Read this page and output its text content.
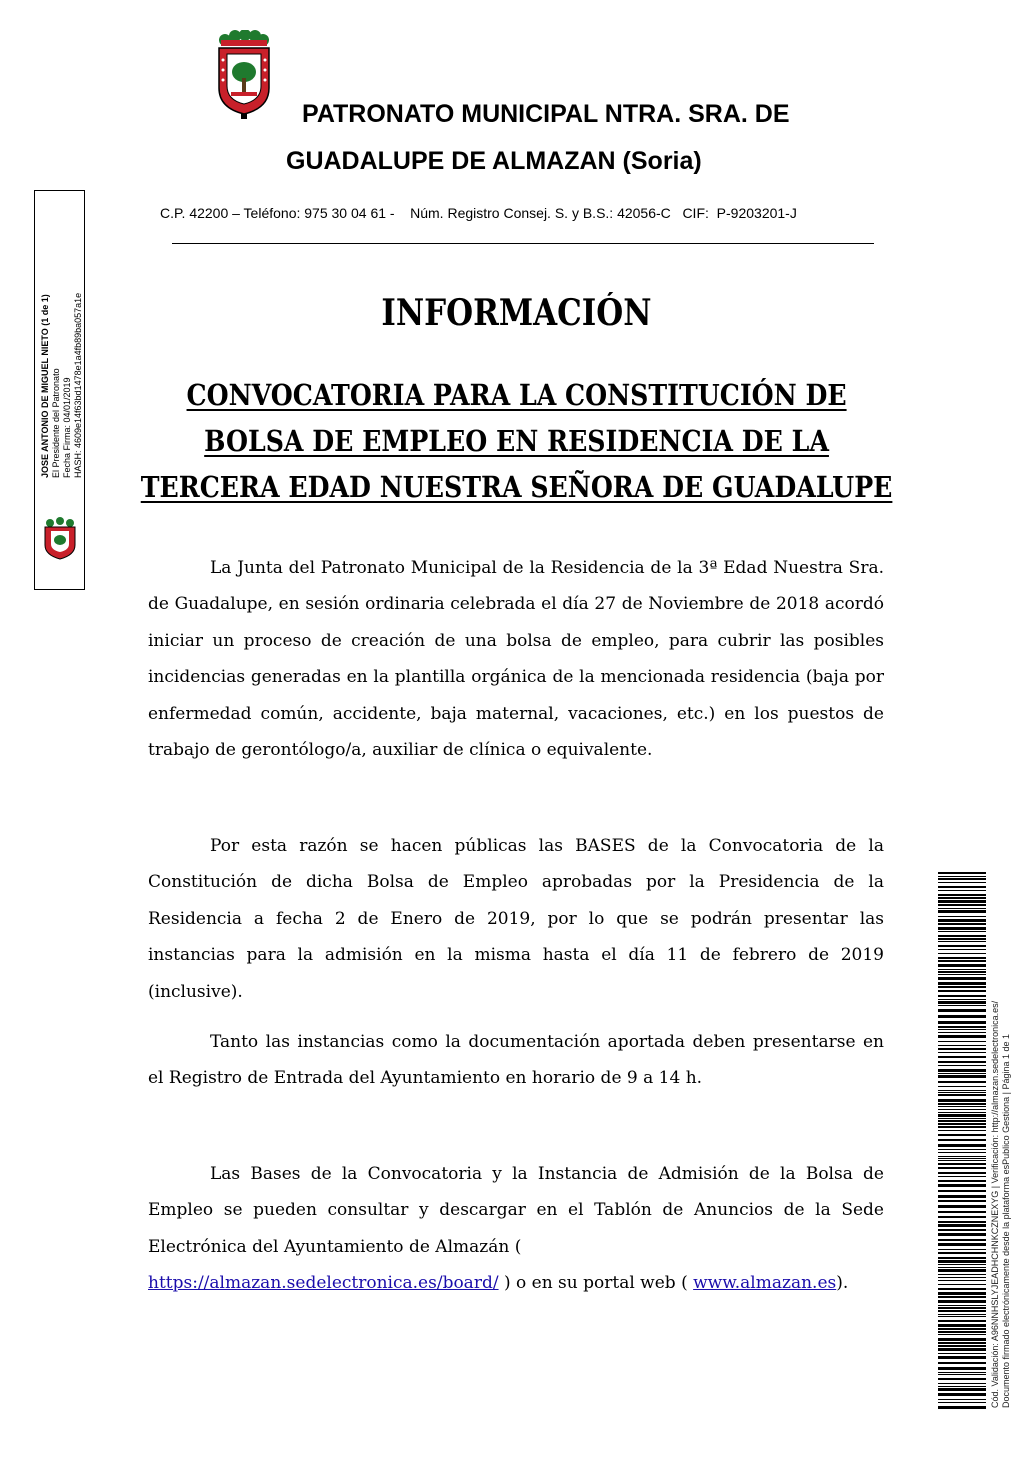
PATRONATO MUNICIPAL NTRA. SRA. DE
GUADALUPE DE ALMAZAN (Soria)
C.P. 42200 – Teléfono: 975 30 04 61 -    Núm. Registro Consej. S. y B.S.: 42056-C   CIF:  P-9203201-J
INFORMACIÓN
CONVOCATORIA PARA LA CONSTITUCIÓN DE
BOLSA DE EMPLEO EN RESIDENCIA DE LA
TERCERA EDAD NUESTRA SEÑORA DE GUADALUPE

La Junta del Patronato Municipal de la Residencia de la 3ª Edad Nuestra Sra. de Guadalupe, en sesión ordinaria celebrada el día 27 de Noviembre de 2018 acordó iniciar un proceso de creación de una bolsa de empleo, para cubrir las posibles incidencias generadas en la plantilla orgánica de la mencionada residencia (baja por enfermedad común, accidente, baja maternal, vacaciones, etc.) en los puestos de trabajo de gerontólogo/a, auxiliar de clínica o equivalente.

Por esta razón se hacen públicas las BASES de la Convocatoria de la Constitución de dicha Bolsa de Empleo aprobadas por la Presidencia de la Residencia a fecha 2 de Enero de 2019, por lo que se podrán presentar las instancias para la admisión en la misma hasta el día 11 de febrero de 2019 (inclusive).

Tanto las instancias como la documentación aportada deben presentarse en el Registro de Entrada del Ayuntamiento en horario de 9 a 14 h.

Las Bases de la Convocatoria y la Instancia de Admisión de la Bolsa de Empleo se pueden consultar y descargar en el Tablón de Anuncios de la Sede Electrónica del Ayuntamiento de Almazán (
https://almazan.sedelectronica.es/board/ ) o en su portal web ( www.almazan.es).

JOSE ANTONIO DE MIGUEL NIETO (1 de 1) El Presidente del Patronato Fecha Firma: 04/01/2019 HASH: 4609e14f63bd1478e1a4fb89ba057a1e
Cód. Validación: A96NNHSLYJEADHCHNKCZNEXYG | Verificación: http://almazan.sedelectronica.es/ Documento firmado electrónicamente desde la plataforma esPublico Gestiona | Página 1 de 1
